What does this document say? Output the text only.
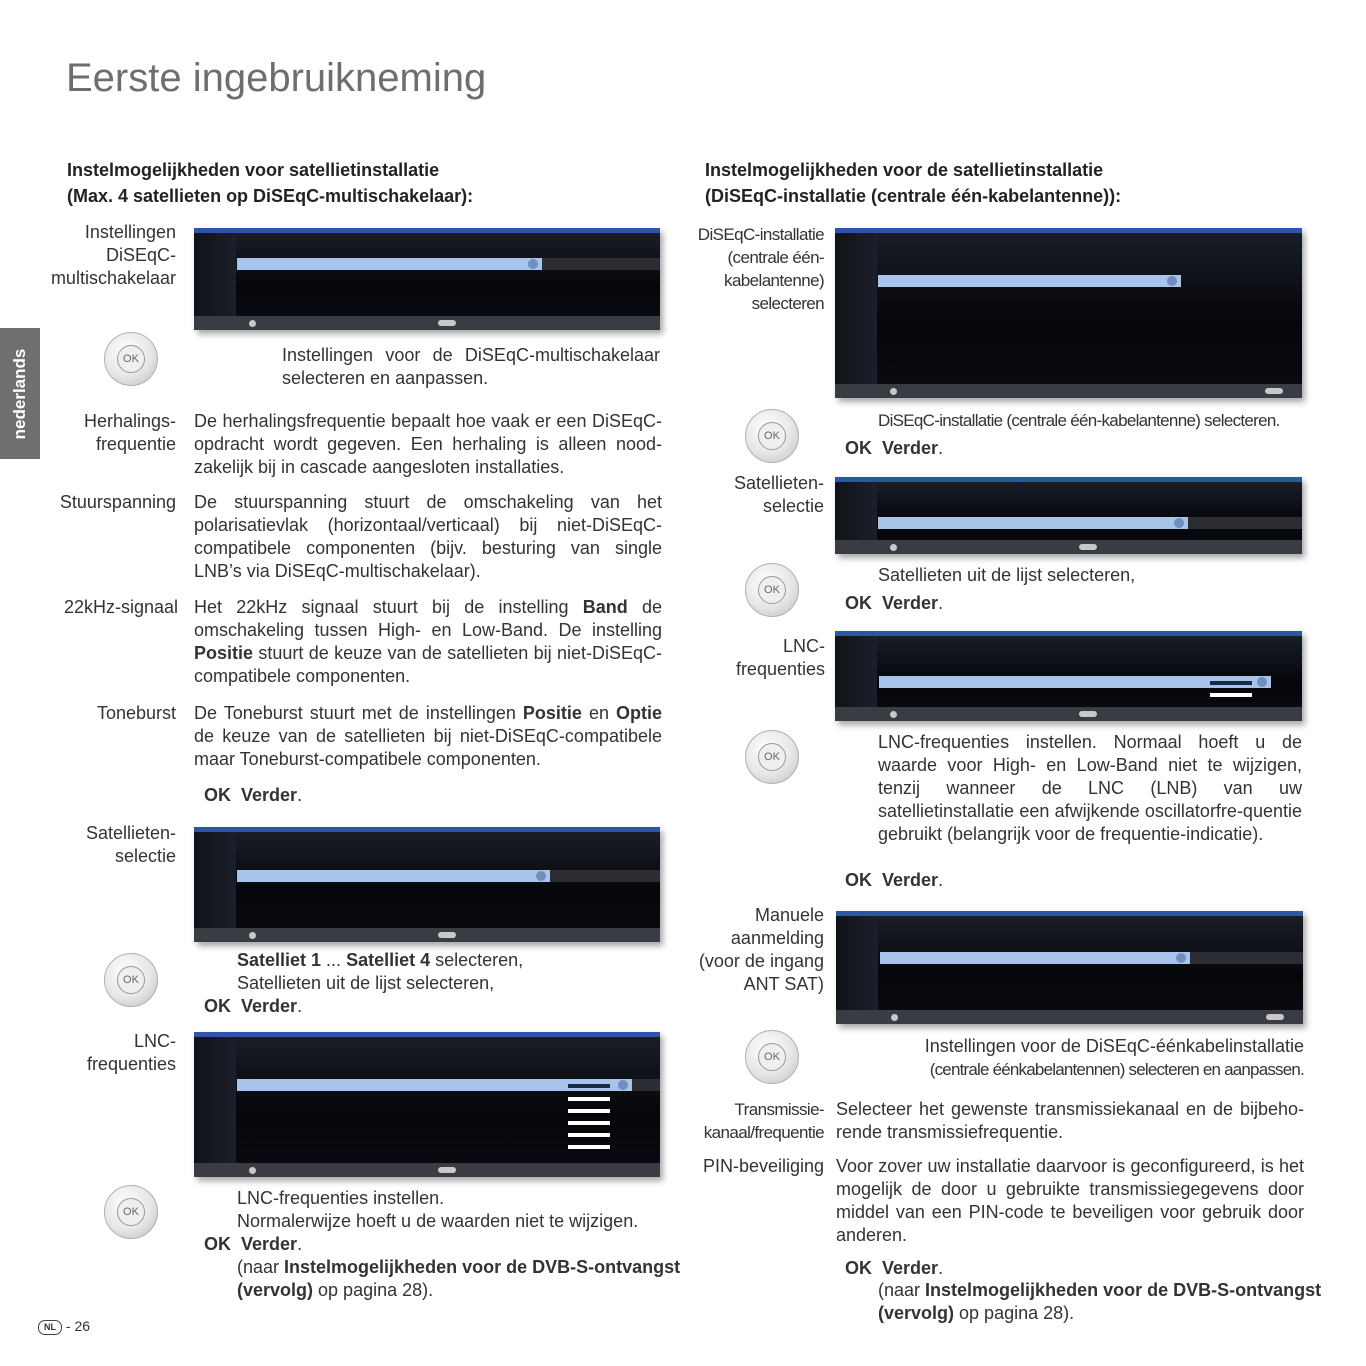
Eerste ingebruikneming
nederlands
Instelmogelijkheden voor satellietinstallatie
(Max. 4 satellieten op DiSEqC-multischakelaar):
Instellingen
DiSEqC-
multischakelaar
OK	Instellingen voor de DiSEqC-multischakelaar
selecteren en aanpassen.
Herhalings-
frequentie
De herhalingsfrequentie bepaalt hoe vaak er een DiSEqC-opdracht wordt gegeven. Een herhaling is alleen nood-zakelijk bij in cascade aangesloten installaties.
Stuurspanning De stuurspanning stuurt de omschakeling van het polarisatievlak (horizontaal/verticaal) bij niet-DiSEqC-compatibele componenten (bijv. besturing van single LNB’s via DiSEqC-multischakelaar).
22kHz-signaal Het 22kHz signaal stuurt bij de instelling Band de omschakeling tussen High- en Low-Band. De instelling Positie stuurt de keuze van de satellieten bij niet-DiSEqC-compatibele componenten.
Toneburst De Toneburst stuurt met de instellingen Positie en Optie de keuze van de satellieten bij niet-DiSEqC-compatibele maar Toneburst-compatibele componenten.
OK Verder.
Satellieten-
selectie
OK
Satelliet 1 ... Satelliet 4 selecteren,
Satellieten uit de lijst selecteren,
OK Verder.
LNC-
frequenties
OK
LNC-frequenties instellen.
Normalerwijze hoeft u de waarden niet te wijzigen.
OK Verder.
(naar Instelmogelijkheden voor de DVB-S-ontvangst
(vervolg) op pagina 28).
Instelmogelijkheden voor de satellietinstallatie
(DiSEqC-installatie (centrale één-kabelantenne)):
DiSEqC-installatie
(centrale één-
kabelantenne)
selecteren
OK
DiSEqC-installatie (centrale één-kabelantenne) selecteren.
OK Verder.
Satellieten-
selectie
OK
Satellieten uit de lijst selecteren,
OK Verder.
LNC-
frequenties
OK
LNC-frequenties instellen. Normaal hoeft u de waarde voor High- en Low-Band niet te wijzigen, tenzij wanneer de LNC (LNB) van uw satellietinstallatie een afwijkende oscillatorfre-quentie gebruikt (belangrijk voor de frequentie-indicatie).
OK Verder.
Manuele
aanmelding
(voor de ingang
ANT SAT)
OK
Instellingen voor de DiSEqC-éénkabelinstallatie
(centrale éénkabelantennen) selecteren en aanpassen.
Transmissie-
kanaal/frequentie
Selecteer het gewenste transmissiekanaal en de bijbeho-rende transmissiefrequentie.
PIN-beveiliging Voor zover uw installatie daarvoor is geconfigureerd, is het mogelijk de door u gebruikte transmissiegegevens door middel van een PIN-code te beveiligen voor gebruik door anderen.
OK Verder.
(naar Instelmogelijkheden voor de DVB-S-ontvangst
(vervolg) op pagina 28).
NL - 26
